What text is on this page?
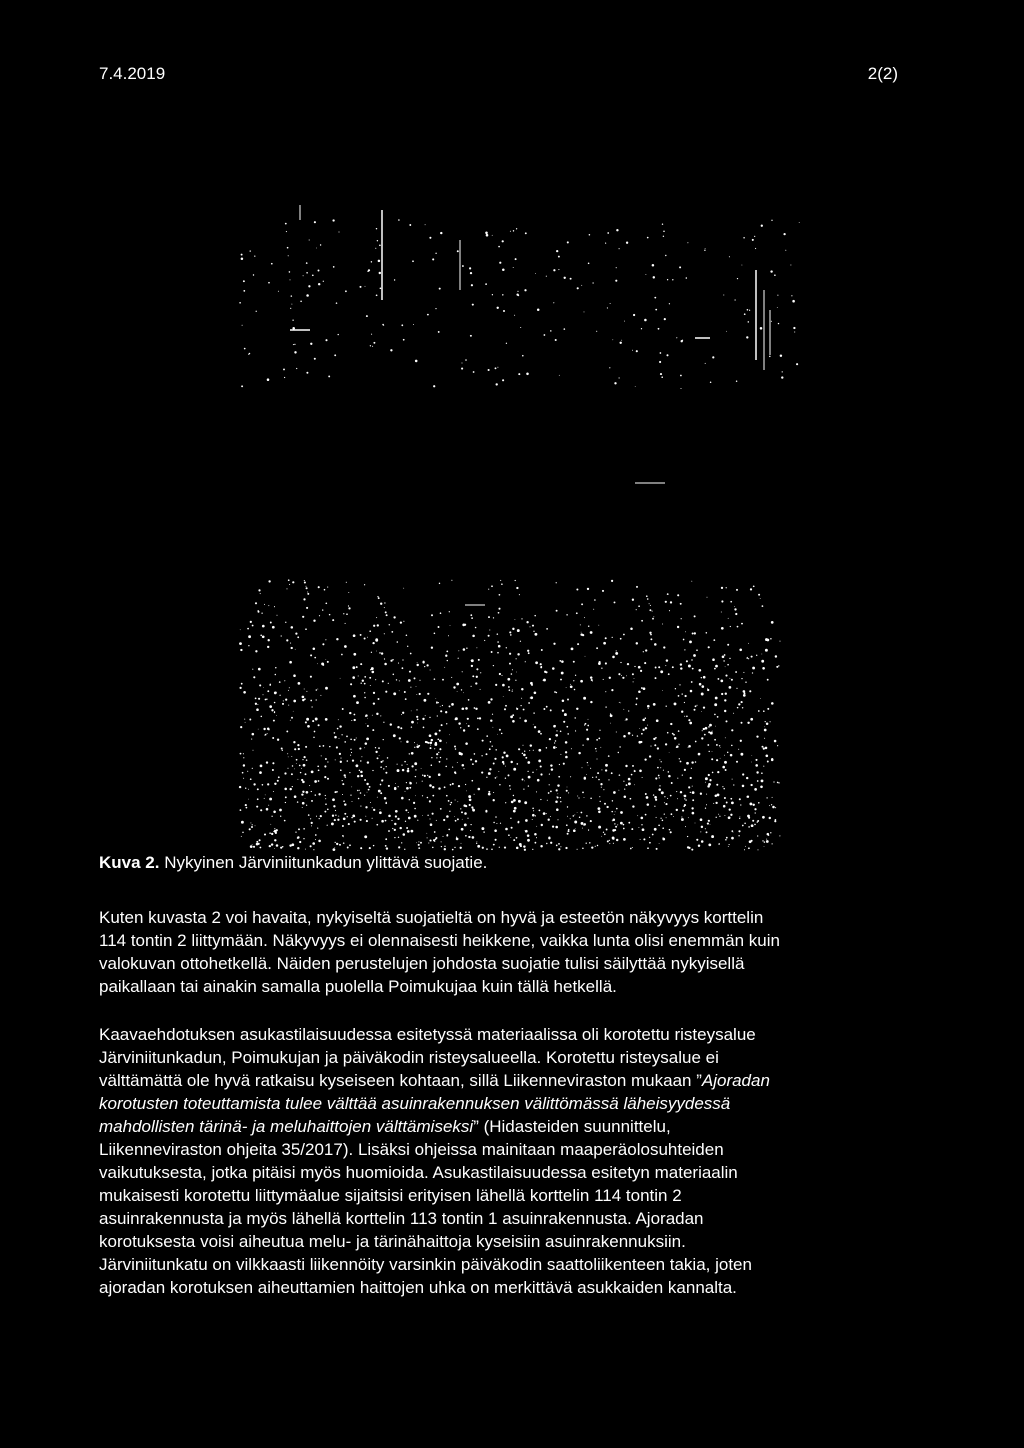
7.4.2019	2(2)
Kuva 2. Nykyinen Järviniitunkadun ylittävä suojatie.
Kuten kuvasta 2 voi havaita, nykyiseltä suojatieltä on hyvä ja esteetön näkyvyys korttelin
114 tontin 2 liittymään. Näkyvyys ei olennaisesti heikkene, vaikka lunta olisi enemmän kuin
valokuvan ottohetkellä. Näiden perustelujen johdosta suojatie tulisi säilyttää nykyisellä
paikallaan tai ainakin samalla puolella Poimukujaa kuin tällä hetkellä.
Kaavaehdotuksen asukastilaisuudessa esitetyssä materiaalissa oli korotettu risteysalue
Järviniitunkadun, Poimukujan ja päiväkodin risteysalueella. Korotettu risteysalue ei
välttämättä ole hyvä ratkaisu kyseiseen kohtaan, sillä Liikenneviraston mukaan ”Ajoradan
korotusten toteuttamista tulee välttää asuinrakennuksen välittömässä läheisyydessä
mahdollisten tärinä- ja meluhaittojen välttämiseksi” (Hidasteiden suunnittelu,
Liikenneviraston ohjeita 35/2017). Lisäksi ohjeissa mainitaan maaperäolosuhteiden
vaikutuksesta, jotka pitäisi myös huomioida. Asukastilaisuudessa esitetyn materiaalin
mukaisesti korotettu liittymäalue sijaitsisi erityisen lähellä korttelin 114 tontin 2
asuinrakennusta ja myös lähellä korttelin 113 tontin 1 asuinrakennusta. Ajoradan
korotuksesta voisi aiheutua melu- ja tärinähaittoja kyseisiin asuinrakennuksiin.
Järviniitunkatu on vilkkaasti liikennöity varsinkin päiväkodin saattoliikenteen takia, joten
ajoradan korotuksen aiheuttamien haittojen uhka on merkittävä asukkaiden kannalta.
